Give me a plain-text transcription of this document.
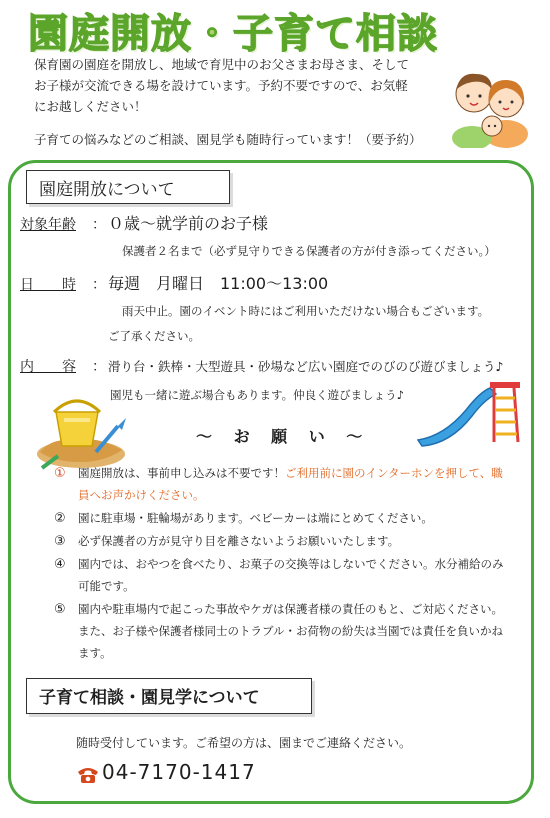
園庭開放・子育て相談
保育園の園庭を開放し、地域で育児中のお父さまお母さま、そして
お子様が交流できる場を設けています。予約不要ですので、お気軽
にお越しください！
子育ての悩みなどのご相談、園見学も随時行っています！（要予約）
園庭開放について
対象年齢	： ０歳～就学前のお子様
保護者２名まで（必ず見守りできる保護者の方が付き添ってください。）
日　　時	： 毎週　月曜日　11:00～13:00
雨天中止。園のイベント時にはご利用いただけない場合もございます。
ご了承ください。
内　　容	： 滑り台・鉄棒・大型遊具・砂場など広い園庭でのびのび遊びましょう♪
園児も一緒に遊ぶ場合もあります。仲良く遊びましょう♪
～ お 願 い ～
①	園庭開放は、事前申し込みは不要です！ご利用前に園のインターホンを押して、職員へお声かけください。
②	園に駐車場・駐輪場があります。ベビーカーは端にとめてください。
③	必ず保護者の方が見守り目を離さないようお願いいたします。
④	園内では、おやつを食べたり、お菓子の交換等はしないでください。水分補給のみ可能です。
⑤	園内や駐車場内で起こった事故やケガは保護者様の責任のもと、ご対応ください。また、お子様や保護者様同士のトラブル・お荷物の紛失は当園では責任を負いかねます。
子育て相談・園見学について
随時受付しています。ご希望の方は、園までご連絡ください。
04-7170-1417
